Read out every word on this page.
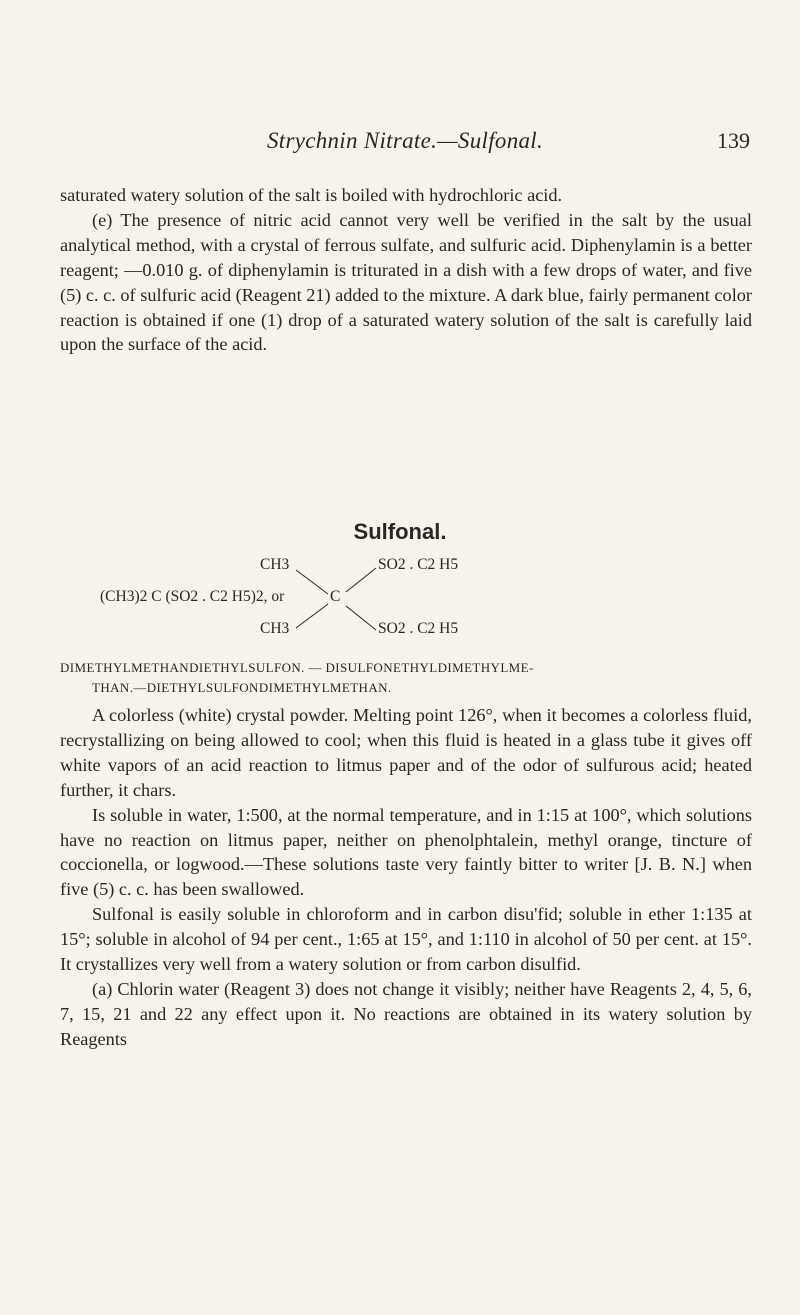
Strychnin Nitrate.—Sulfonal.	139

saturated watery solution of the salt is boiled with hydrochloric acid.

(e) The presence of nitric acid cannot very well be verified in the salt by the usual analytical method, with a crystal of ferrous sulfate, and sulfuric acid. Diphenylamin is a better reagent; —0.010 g. of diphenylamin is triturated in a dish with a few drops of water, and five (5) c. c. of sulfuric acid (Reagent 21) added to the mixture. A dark blue, fairly permanent color reaction is obtained if one (1) drop of a saturated watery solution of the salt is carefully laid upon the surface of the acid.

Sulfonal.
(CH3)2 C (SO2 . C2 H5)2, or
CH3
CH3
C
SO2 . C2 H5
SO2 . C2 H5
DIMETHYLMETHANDIETHYLSULFON. — DISULFONETHYLDIMETHYLME-
THAN.—DIETHYLSULFONDIMETHYLMETHAN.

A colorless (white) crystal powder. Melting point 126°, when it becomes a colorless fluid, recrystallizing on being allowed to cool; when this fluid is heated in a glass tube it gives off white vapors of an acid reaction to litmus paper and of the odor of sulfurous acid; heated further, it chars.

Is soluble in water, 1:500, at the normal temperature, and in 1:15 at 100°, which solutions have no reaction on litmus paper, neither on phenolphtalein, methyl orange, tincture of coccionella, or logwood.—These solutions taste very faintly bitter to writer [J. B. N.] when five (5) c. c. has been swallowed.

Sulfonal is easily soluble in chloroform and in carbon disu'fid; soluble in ether 1:135 at 15°; soluble in alcohol of 94 per cent., 1:65 at 15°, and 1:110 in alcohol of 50 per cent. at 15°. It crystallizes very well from a watery solution or from carbon disulfid.

(a) Chlorin water (Reagent 3) does not change it visibly; neither have Reagents 2, 4, 5, 6, 7, 15, 21 and 22 any effect upon it. No reactions are obtained in its watery solution by Reagents
